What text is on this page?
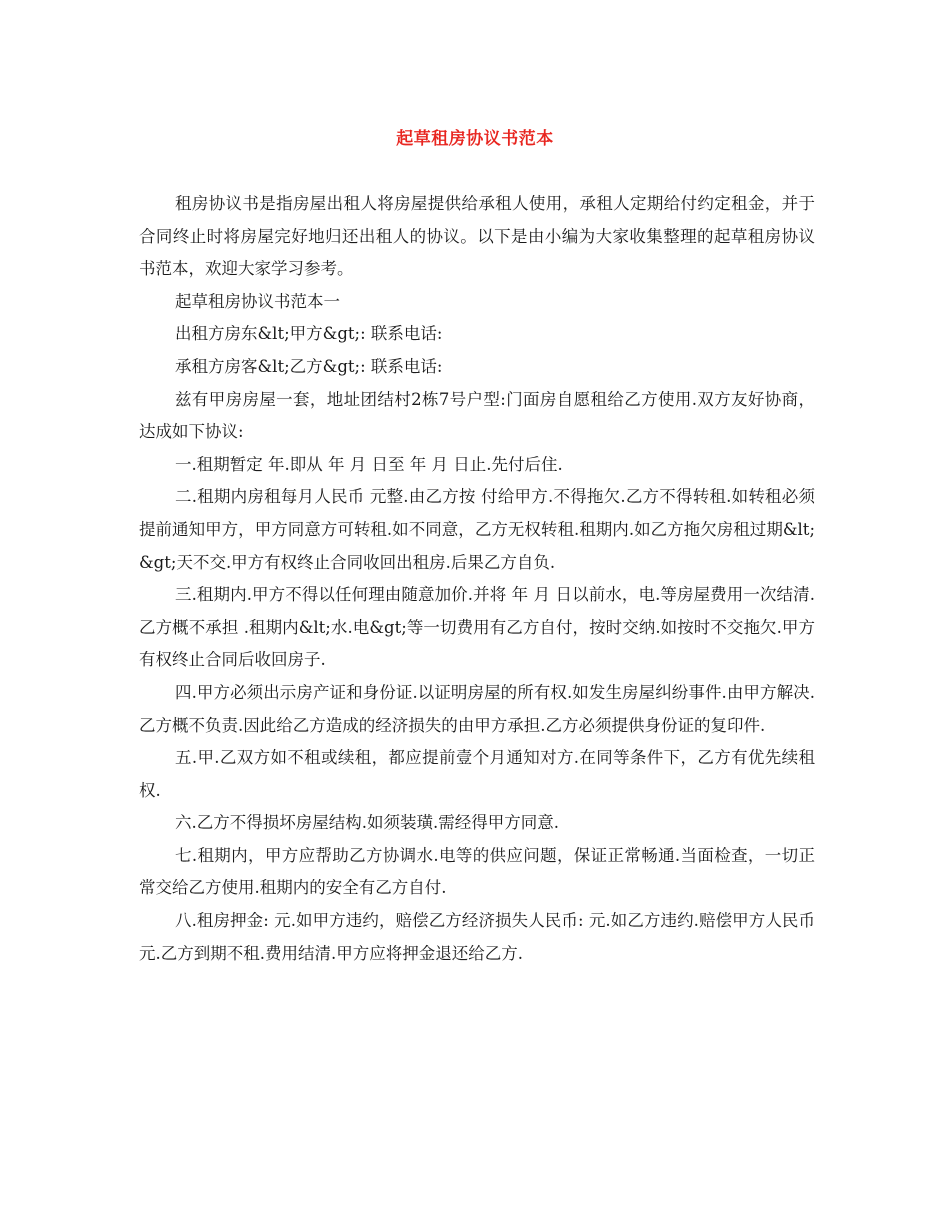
起草租房协议书范本

租房协议书是指房屋出租人将房屋提供给承租人使用，承租人定期给付约定租金，并于合同终止时将房屋完好地归还出租人的协议。以下是由小编为大家收集整理的起草租房协议书范本，欢迎大家学习参考。

起草租房协议书范本一

出租方房东&lt;甲方&gt;: 联系电话:

承租方房客&lt;乙方&gt;: 联系电话:

兹有甲房房屋一套，地址团结村2栋7号户型:门面房自愿租给乙方使用.双方友好协商，达成如下协议:

一.租期暂定 年.即从 年 月 日至 年 月 日止.先付后住.

二.租期内房租每月人民币 元整.由乙方按 付给甲方.不得拖欠.乙方不得转租.如转租必须提前通知甲方，甲方同意方可转租.如不同意，乙方无权转租.租期内.如乙方拖欠房租过期&lt; &gt;天不交.甲方有权终止合同收回出租房.后果乙方自负.

三.租期内.甲方不得以任何理由随意加价.并将 年 月 日以前水，电.等房屋费用一次结清.乙方概不承担 .租期内&lt;水.电&gt;等一切费用有乙方自付，按时交纳.如按时不交拖欠.甲方有权终止合同后收回房子.

四.甲方必须出示房产证和身份证.以证明房屋的所有权.如发生房屋纠纷事件.由甲方解决.乙方概不负责.因此给乙方造成的经济损失的由甲方承担.乙方必须提供身份证的复印件.

五.甲.乙双方如不租或续租，都应提前壹个月通知对方.在同等条件下，乙方有优先续租权.

六.乙方不得损坏房屋结构.如须装璜.需经得甲方同意.

七.租期内，甲方应帮助乙方协调水.电等的供应问题，保证正常畅通.当面检查，一切正常交给乙方使用.租期内的安全有乙方自付.

八.租房押金: 元.如甲方违约，赔偿乙方经济损失人民币: 元.如乙方违约.赔偿甲方人民币 元.乙方到期不租.费用结清.甲方应将押金退还给乙方.
